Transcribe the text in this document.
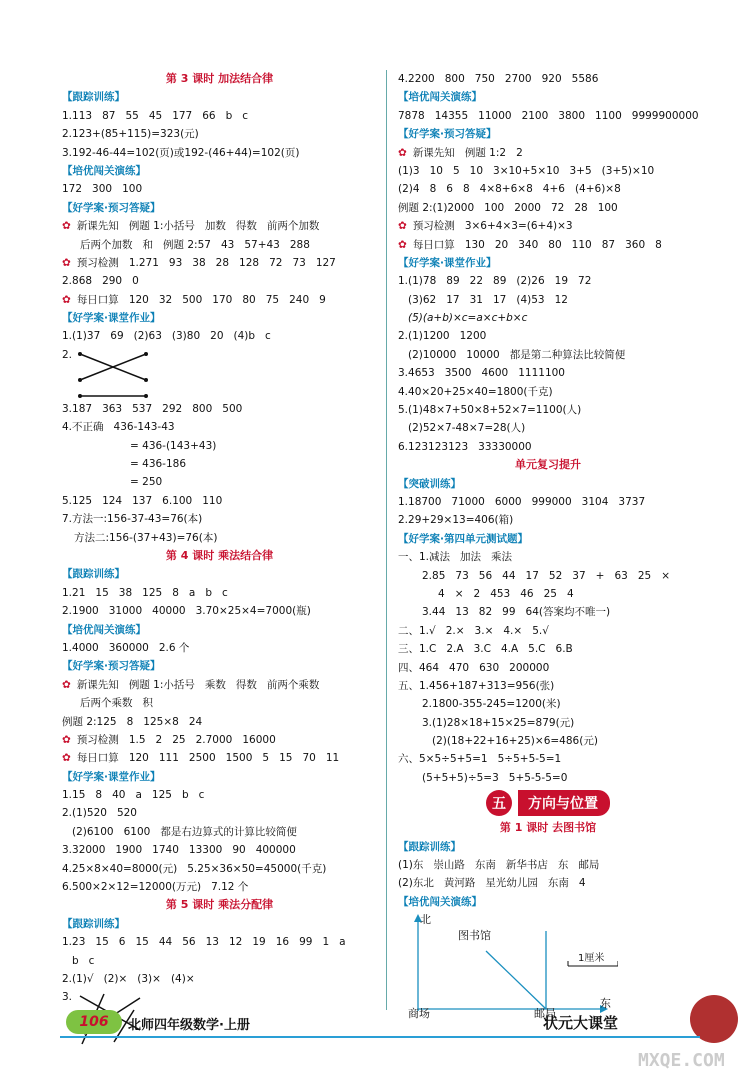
第 3 课时 加法结合律
【跟踪训练】
1.113   87   55   45   177   66   b   c
2.123+(85+115)=323(元)
3.192-46-44=102(页)或192-(46+44)=102(页)
【培优闯关演练】
172   300   100
【好学案·预习答疑】
✿ 新课先知   例题 1:小括号   加数   得数   前两个加数
后两个加数   和   例题 2:57   43   57+43   288
✿ 预习检测   1.271   93   38   28   128   72   73   127
2.868   290   0
✿ 每日口算   120   32   500   170   80   75   240   9
【好学案·课堂作业】
1.(1)37   69   (2)63   (3)80   20   (4)b   c
2.
3.187   363   537   292   800   500
4.不正确   436-143-43
= 436-(143+43)
= 436-186
= 250
5.125   124   137   6.100   110
7.方法一:156-37-43=76(本)
方法二:156-(37+43)=76(本)
第 4 课时 乘法结合律
【跟踪训练】
1.21   15   38   125   8   a   b   c
2.1900   31000   40000   3.70×25×4=7000(瓶)
【培优闯关演练】
1.4000   360000   2.6 个
【好学案·预习答疑】
✿ 新课先知   例题 1:小括号   乘数   得数   前两个乘数
后两个乘数   积
例题 2:125   8   125×8   24
✿ 预习检测   1.5   2   25   2.7000   16000
✿ 每日口算   120   111   2500   1500   5   15   70   11
【好学案·课堂作业】
1.15   8   40   a   125   b   c
2.(1)520   520
(2)6100   6100   都是右边算式的计算比较简便
3.32000   1900   1740   13300   90   400000
4.25×8×40=8000(元)   5.25×36×50=45000(千克)
6.500×2×12=12000(万元)   7.12 个
第 5 课时 乘法分配律
【跟踪训练】
1.23   15   6   15   44   56   13   12   19   16   99   1   a
b   c
2.(1)√   (2)×   (3)×   (4)×
3.
4.2200   800   750   2700   920   5586
【培优闯关演练】
7878   14355   11000   2100   3800   1100   9999900000
【好学案·预习答疑】
✿ 新课先知   例题 1:2   2
(1)3   10   5   10   3×10+5×10   3+5   (3+5)×10
(2)4   8   6   8   4×8+6×8   4+6   (4+6)×8
例题 2:(1)2000   100   2000   72   28   100
✿ 预习检测   3×6+4×3=(6+4)×3
✿ 每日口算   130   20   340   80   110   87   360   8
【好学案·课堂作业】
1.(1)78   89   22   89   (2)26   19   72
(3)62   17   31   17   (4)53   12
(5)(a+b)×c=a×c+b×c
2.(1)1200   1200
(2)10000   10000   都是第二种算法比较简便
3.4653   3500   4600   1111100
4.40×20+25×40=1800(千克)
5.(1)48×7+50×8+52×7=1100(人)
(2)52×7-48×7=28(人)
6.123123123   33330000
单元复习提升
【突破训练】
1.18700   71000   6000   999000   3104   3737
2.29+29×13=406(箱)
【好学案·第四单元测试题】
一、1.减法   加法   乘法
2.85   73   56   44   17   52   37   +   63   25   ×
4   ×   2   453   46   25   4
3.44   13   82   99   64(答案均不唯一)
二、1.√   2.×   3.×   4.×   5.√
三、1.C   2.A   3.C   4.A   5.C   6.B
四、464   470   630   200000
五、1.456+187+313=956(张)
2.1800-355-245=1200(米)
3.(1)28×18+15×25=879(元)
(2)(18+22+16+25)×6=486(元)
六、5×5÷5+5=1   5÷5+5-5=1
(5+5+5)÷5=3   5+5-5-5=0
五	方向与位置
第 1 课时 去图书馆
【跟踪训练】
(1)东   崇山路   东南   新华书店   东   邮局
(2)东北   黄河路   星光幼儿园   东南   4
【培优闯关演练】
北
东
图书馆
1厘米
商场	邮局
106	北师四年级数学·上册	状元大课堂
MXQE.COM
